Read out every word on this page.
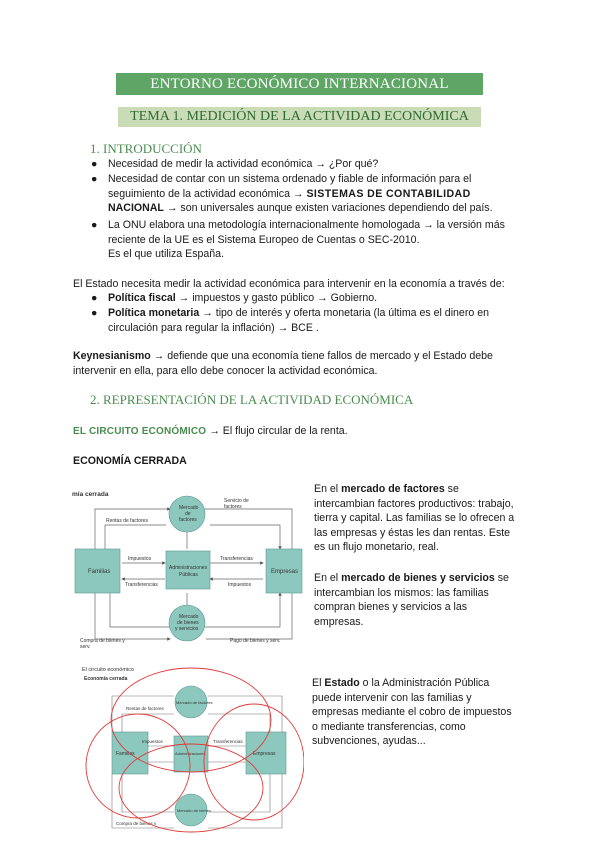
ENTORNO ECONÓMICO INTERNACIONAL
TEMA 1. MEDICIÓN DE LA ACTIVIDAD ECONÓMICA
1. INTRODUCCIÓN
● Necesidad de medir la actividad económica → ¿Por qué?
● Necesidad de contar con un sistema ordenado y fiable de información para el
seguimiento de la actividad económica → SISTEMAS DE CONTABILIDAD
NACIONAL → son universales aunque existen variaciones dependiendo del país.
● La ONU elabora una metodología internacionalmente homologada → la versión más
reciente de la UE es el Sistema Europeo de Cuentas o SEC-2010.
Es el que utiliza España.
El Estado necesita medir la actividad económica para intervenir en la economía a través de:
● Política fiscal → impuestos y gasto público → Gobierno.
● Política monetaria → tipo de interés y oferta monetaria (la última es el dinero en
circulación para regular la inflación) → BCE .
Keynesianismo → defiende que una economía tiene fallos de mercado y el Estado debe
intervenir en ella, para ello debe conocer la actividad económica.
2. REPRESENTACIÓN DE LA ACTIVIDAD ECONÓMICA
EL CIRCUITO ECONÓMICO → El flujo circular de la renta.
ECONOMÍA CERRADA
En el mercado de factores se
intercambian factores productivos: trabajo,
tierra y capital. Las familias se lo ofrecen a
las empresas y éstas les dan rentas. Este
es un flujo monetario, real.
En el mercado de bienes y servicios se
intercambian los mismos: las familias
compran bienes y servicios a las
empresas.
El Estado o la Administración Pública
puede intervenir con las familias y
empresas mediante el cobro de impuestos
o mediante transferencias, como
subvenciones, ayudas...
mía cerrada
Familias	Empresas
Administraciones
Públicas
Mercado
de
factores
Mercado
de bienes
y servicios
Servicio de
factores
Rentas de factores
Impuestos
Transferencias
Transferencias
Impuestos
Compra de bienes y
serv.
Pago de bienes y serv.
El circuito económico
Economía cerrada
Familias	Empresas
Administraciones
Mercado de factores
Mercado de bienes
Rentas de factores
Impuestos	Transferencias
Compra de bienes y
